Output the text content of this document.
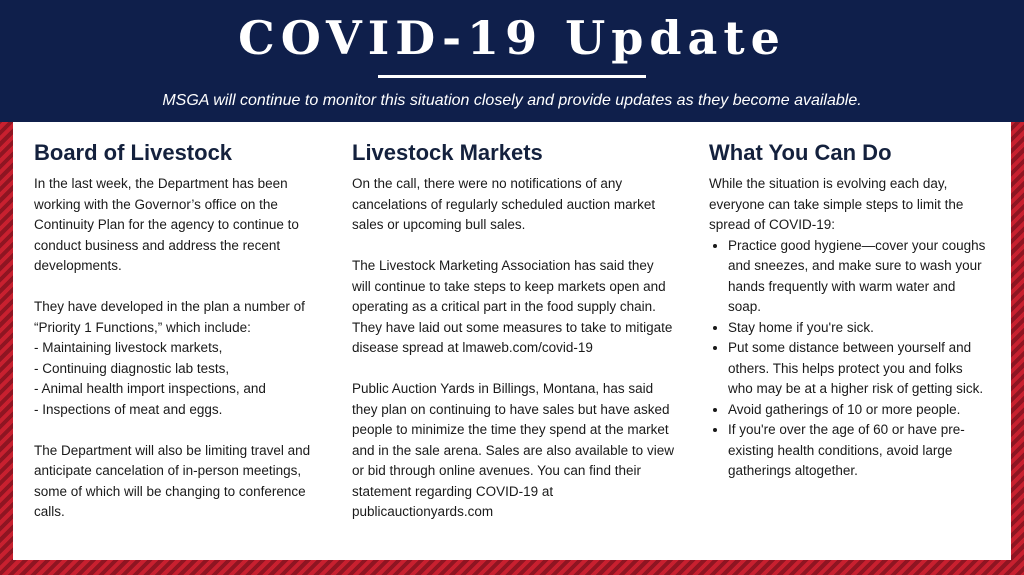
COVID-19 Update
MSGA will continue to monitor this situation closely and provide updates as they become available.
Board of Livestock

In the last week, the Department has been working with the Governor’s office on the Continuity Plan for the agency to continue to conduct business and address the recent developments.

They have developed in the plan a number of “Priority 1 Functions,” which include:

- Maintaining livestock markets,

- Continuing diagnostic lab tests,

- Animal health import inspections, and

- Inspections of meat and eggs.

The Department will also be limiting travel and anticipate cancelation of in-person meetings, some of which will be changing to conference calls.

Livestock Markets

On the call, there were no notifications of any cancelations of regularly scheduled auction market sales or upcoming bull sales.

The Livestock Marketing Association has said they will continue to take steps to keep markets open and operating as a critical part in the food supply chain. They have laid out some measures to take to mitigate disease spread at lmaweb.com/covid-19

Public Auction Yards in Billings, Montana, has said they plan on continuing to have sales but have asked people to minimize the time they spend at the market and in the sale arena. Sales are also available to view or bid through online avenues. You can find their statement regarding COVID-19 at publicauctionyards.com

What You Can Do

While the situation is evolving each day, everyone can take simple steps to limit the spread of COVID-19:

• Practice good hygiene—cover your coughs and sneezes, and make sure to wash your hands frequently with warm water and soap.
• Stay home if you're sick.
• Put some distance between yourself and others. This helps protect you and folks who may be at a higher risk of getting sick.
• Avoid gatherings of 10 or more people.
• If you're over the age of 60 or have pre-existing health conditions, avoid large gatherings altogether.
